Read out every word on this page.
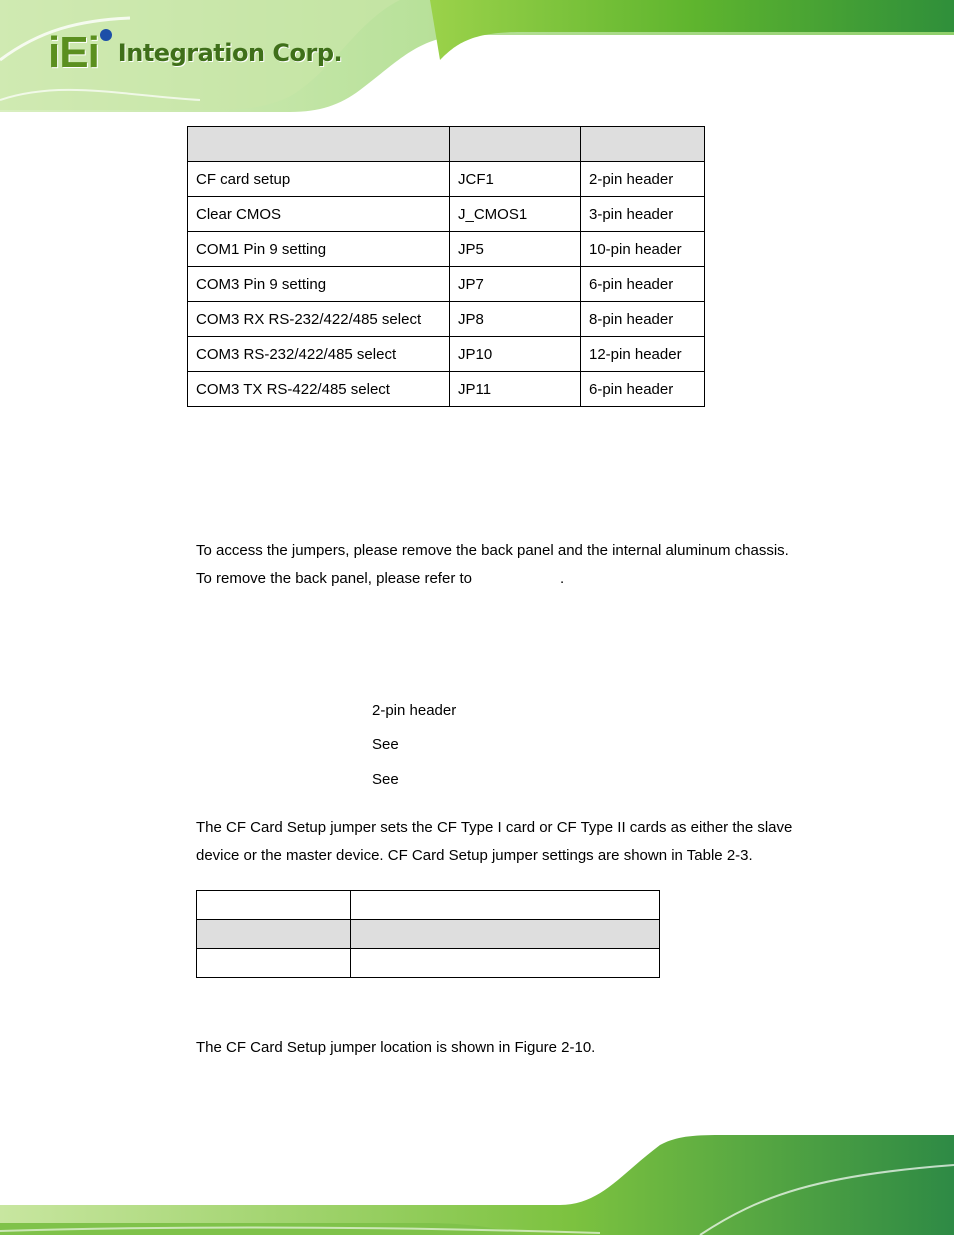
iEi Integration Corp.

CF card setup	JCF1	2-pin header
Clear CMOS	J_CMOS1	3-pin header
COM1 Pin 9 setting	JP5	10-pin header
COM3 Pin 9 setting	JP7	6-pin header
COM3 RX RS-232/422/485 select	JP8	8-pin header
COM3 RS-232/422/485 select	JP10	12-pin header
COM3 TX RS-422/485 select	JP11	6-pin header
To access the jumpers, please remove the back panel and the internal aluminum chassis.
To remove the back panel, please refer to	.
2-pin header
See
See
The CF Card Setup jumper sets the CF Type I card or CF Type II cards as either the slave
device or the master device. CF Card Setup jumper settings are shown in Table 2-3.

The CF Card Setup jumper location is shown in Figure 2-10.
